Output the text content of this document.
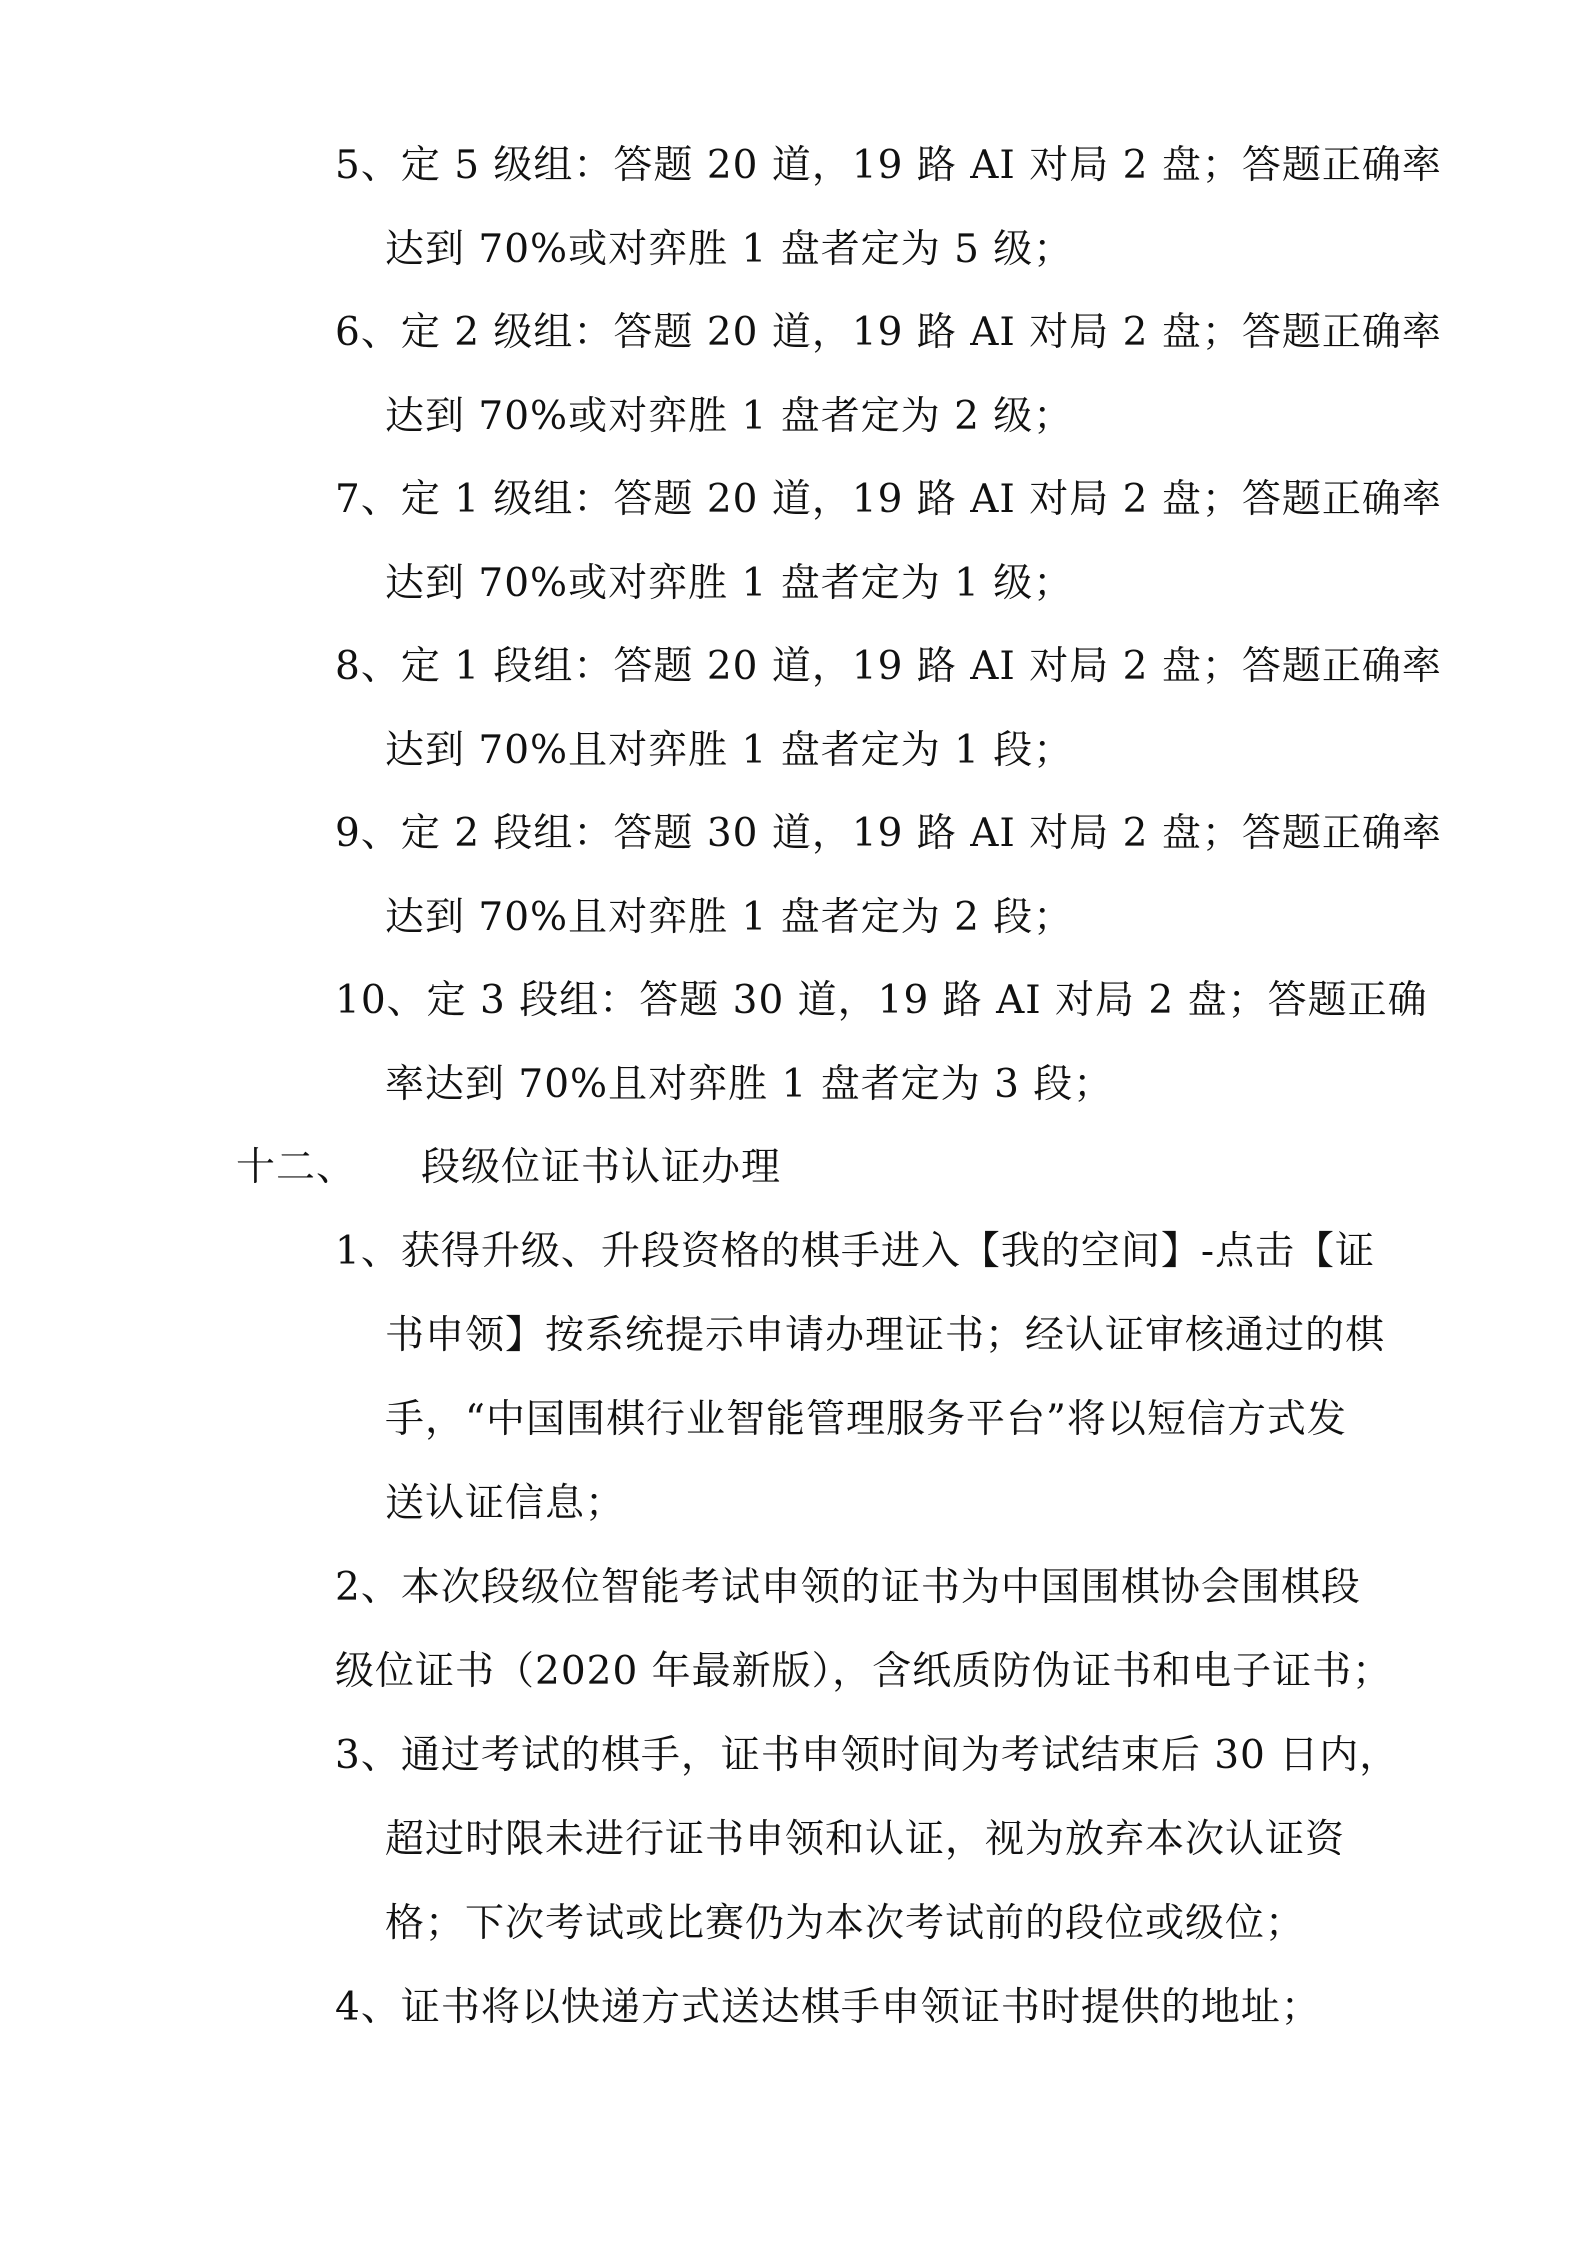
5、定 5 级组：答题 20 道，19 路 AI 对局 2 盘；答题正确率
达到 70%或对弈胜 1 盘者定为 5 级；
6、定 2 级组：答题 20 道，19 路 AI 对局 2 盘；答题正确率
达到 70%或对弈胜 1 盘者定为 2 级；
7、定 1 级组：答题 20 道，19 路 AI 对局 2 盘；答题正确率
达到 70%或对弈胜 1 盘者定为 1 级；
8、定 1 段组：答题 20 道，19 路 AI 对局 2 盘；答题正确率
达到 70%且对弈胜 1 盘者定为 1 段；
9、定 2 段组：答题 30 道，19 路 AI 对局 2 盘；答题正确率
达到 70%且对弈胜 1 盘者定为 2 段；
10、定 3 段组：答题 30 道，19 路 AI 对局 2 盘；答题正确
率达到 70%且对弈胜 1 盘者定为 3 段；
十二、 段级位证书认证办理
1、获得升级、升段资格的棋手进入【我的空间】-点击【证
书申领】按系统提示申请办理证书；经认证审核通过的棋
手，“中国围棋行业智能管理服务平台”将以短信方式发
送认证信息；
2、本次段级位智能考试申领的证书为中国围棋协会围棋段
级位证书（2020 年最新版），含纸质防伪证书和电子证书；
3、通过考试的棋手，证书申领时间为考试结束后 30 日内，
超过时限未进行证书申领和认证，视为放弃本次认证资
格；下次考试或比赛仍为本次考试前的段位或级位；
4、证书将以快递方式送达棋手申领证书时提供的地址；
